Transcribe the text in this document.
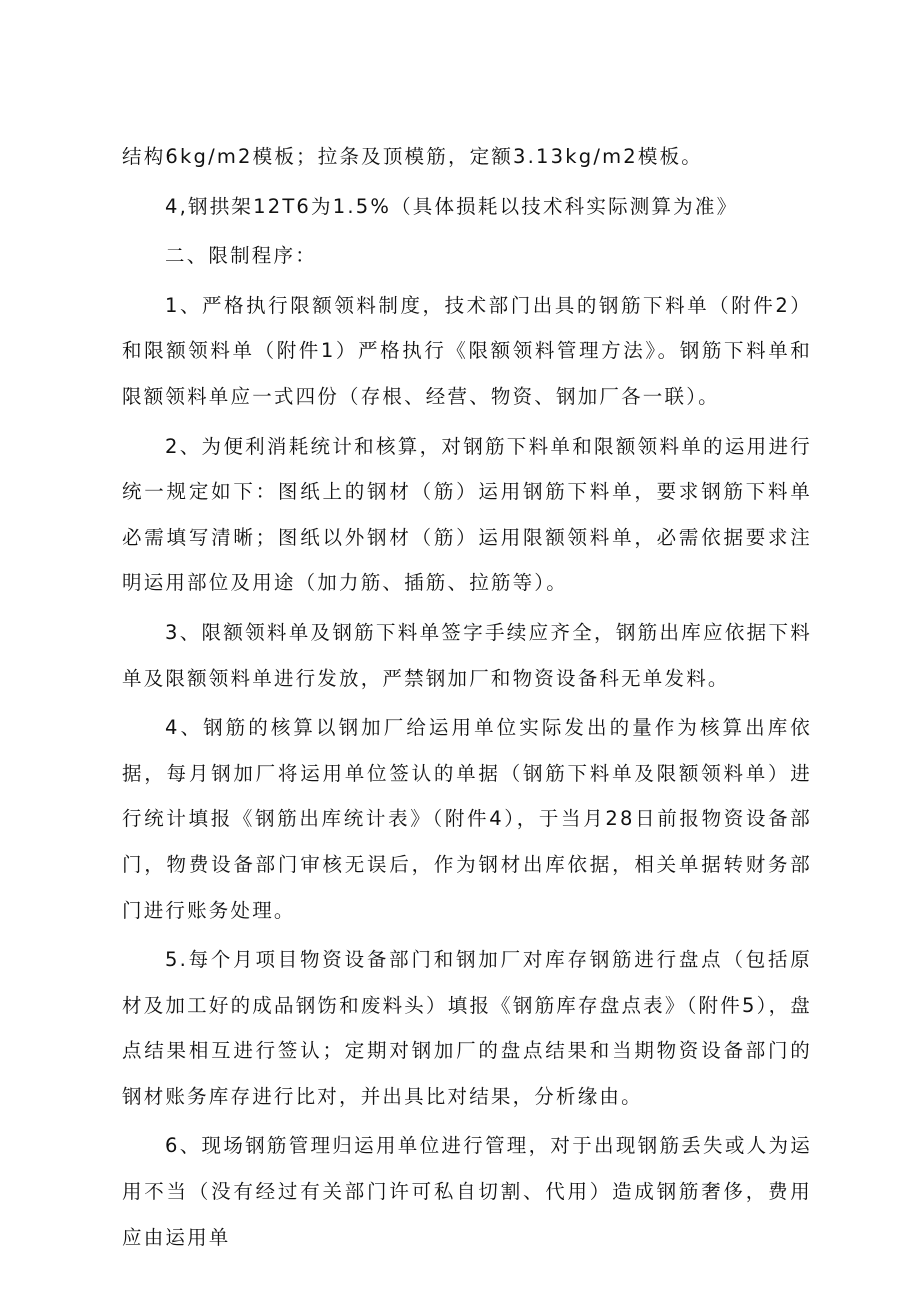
结构6kg/m2模板；拉条及顶模筋，定额3.13kg/m2模板。

4,钢拱架12T6为1.5%（具体损耗以技术科实际测算为准》

二、限制程序：

1、严格执行限额领料制度，技术部门出具的钢筋下料单（附件2）和限额领料单（附件1）严格执行《限额领料管理方法》。钢筋下料单和限额领料单应一式四份（存根、经营、物资、钢加厂各一联）。

2、为便利消耗统计和核算，对钢筋下料单和限额领料单的运用进行统一规定如下：图纸上的钢材（筋）运用钢筋下料单，要求钢筋下料单必需填写清晰；图纸以外钢材（筋）运用限额领料单，必需依据要求注明运用部位及用途（加力筋、插筋、拉筋等）。

3、限额领料单及钢筋下料单签字手续应齐全，钢筋出库应依据下料单及限额领料单进行发放，严禁钢加厂和物资设备科无单发料。

4、钢筋的核算以钢加厂给运用单位实际发出的量作为核算出库依据，每月钢加厂将运用单位签认的单据（钢筋下料单及限额领料单）进行统计填报《钢筋出库统计表》（附件4），于当月28日前报物资设备部门，物费设备部门审核无误后，作为钢材出库依据，相关单据转财务部门进行账务处理。

5.每个月项目物资设备部门和钢加厂对库存钢筋进行盘点（包括原材及加工好的成品钢饬和废料头）填报《钢筋库存盘点表》（附件5），盘点结果相互进行签认；定期对钢加厂的盘点结果和当期物资设备部门的钢材账务库存进行比对，并出具比对结果，分析缘由。

6、现场钢筋管理归运用单位进行管理，对于出现钢筋丢失或人为运用不当（没有经过有关部门许可私自切割、代用）造成钢筋奢侈，费用应由运用单
